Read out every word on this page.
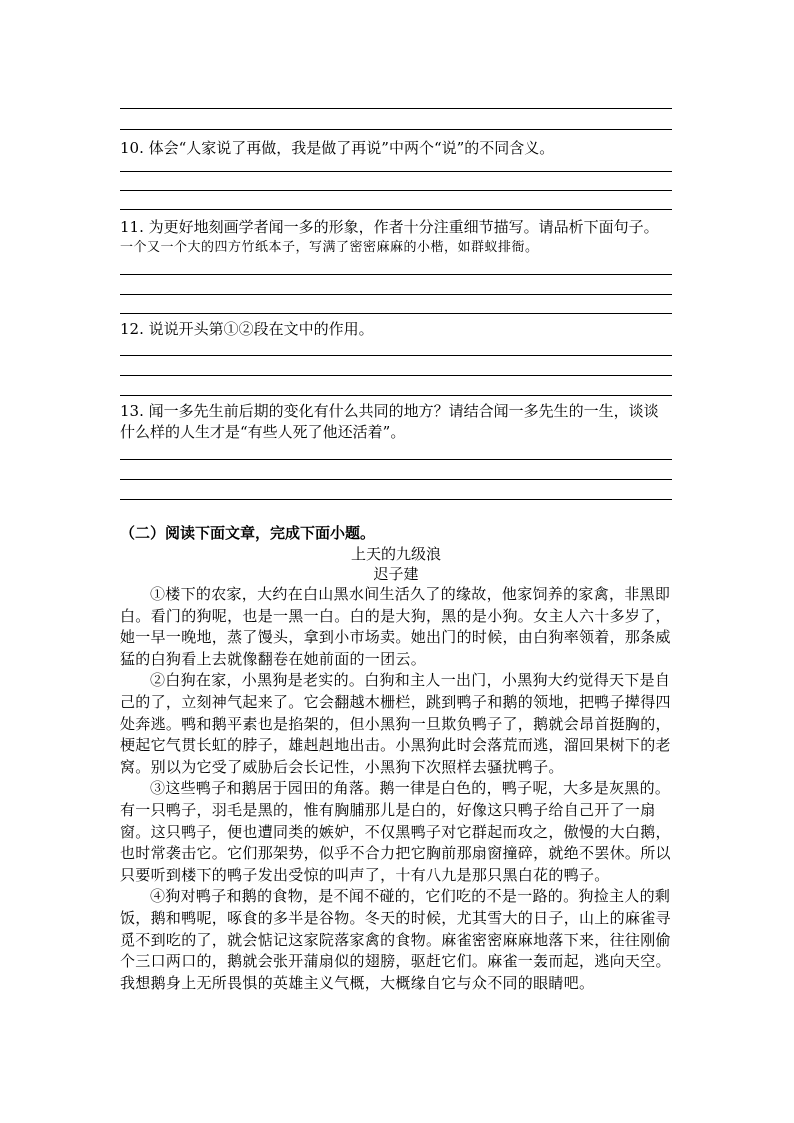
10. 体会“人家说了再做，我是做了再说”中两个“说”的不同含义。

11. 为更好地刻画学者闻一多的形象，作者十分注重细节描写。请品析下面句子。

一个又一个大的四方竹纸本子，写满了密密麻麻的小楷，如群蚁排衙。

12. 说说开头第①②段在文中的作用。

13. 闻一多先生前后期的变化有什么共同的地方？请结合闻一多先生的一生，谈谈什么样的人生才是“有些人死了他还活着”。

（二）阅读下面文章，完成下面小题。

上天的九级浪

迟子建

①楼下的农家，大约在白山黑水间生活久了的缘故，他家饲养的家禽，非黑即白。看门的狗呢，也是一黑一白。白的是大狗，黑的是小狗。女主人六十多岁了，她一早一晚地，蒸了馒头，拿到小市场卖。她出门的时候，由白狗率领着，那条威猛的白狗看上去就像翻卷在她前面的一团云。

②白狗在家，小黑狗是老实的。白狗和主人一出门，小黑狗大约觉得天下是自己的了，立刻神气起来了。它会翻越木栅栏，跳到鸭子和鹅的领地，把鸭子撵得四处奔逃。鸭和鹅平素也是掐架的，但小黑狗一旦欺负鸭子了，鹅就会昂首挺胸的，梗起它气贯长虹的脖子，雄赳赳地出击。小黑狗此时会落荒而逃，溜回果树下的老窝。别以为它受了威胁后会长记性，小黑狗下次照样去骚扰鸭子。

③这些鸭子和鹅居于园田的角落。鹅一律是白色的，鸭子呢，大多是灰黑的。有一只鸭子，羽毛是黑的，惟有胸脯那儿是白的，好像这只鸭子给自己开了一扇窗。这只鸭子，便也遭同类的嫉妒，不仅黑鸭子对它群起而攻之，傲慢的大白鹅，也时常袭击它。它们那架势，似乎不合力把它胸前那扇窗撞碎，就绝不罢休。所以只要听到楼下的鸭子发出受惊的叫声了，十有八九是那只黑白花的鸭子。

④狗对鸭子和鹅的食物，是不闻不碰的，它们吃的不是一路的。狗捡主人的剩饭，鹅和鸭呢，啄食的多半是谷物。冬天的时候，尤其雪大的日子，山上的麻雀寻觅不到吃的了，就会惦记这家院落家禽的食物。麻雀密密麻麻地落下来，往往刚偷个三口两口的，鹅就会张开蒲扇似的翅膀，驱赶它们。麻雀一轰而起，逃向天空。我想鹅身上无所畏惧的英雄主义气概，大概缘自它与众不同的眼睛吧。
